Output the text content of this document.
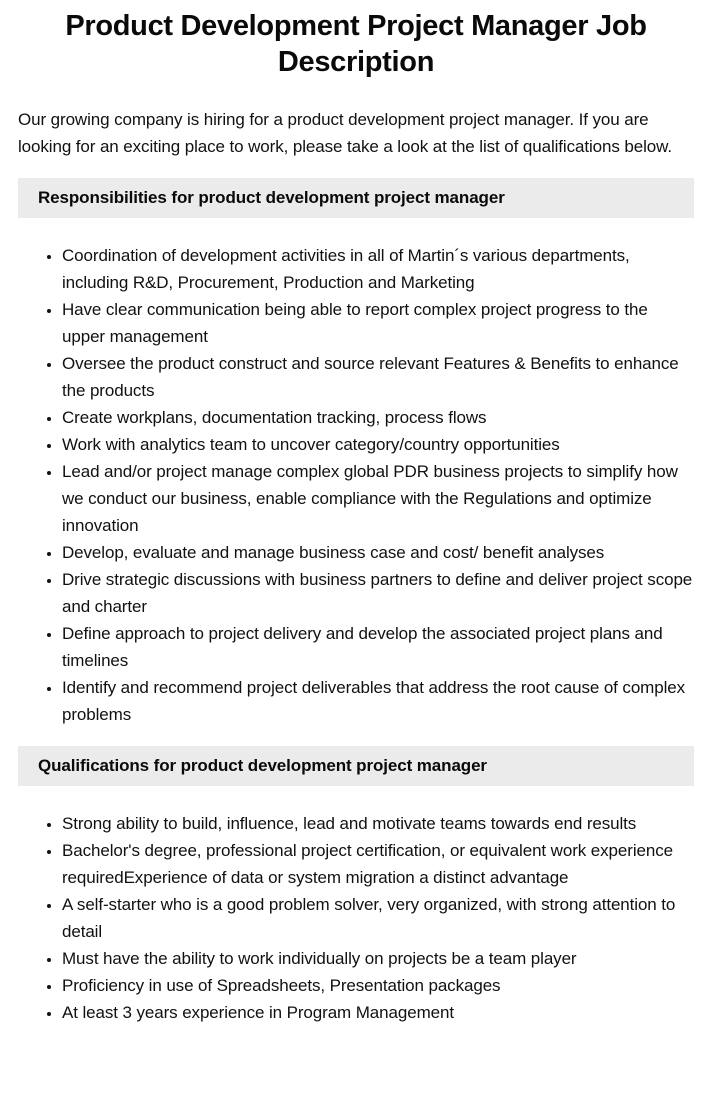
Product Development Project Manager Job Description

Our growing company is hiring for a product development project manager. If you are looking for an exciting place to work, please take a look at the list of qualifications below.

Responsibilities for product development project manager
• Coordination of development activities in all of Martin´s various departments, including R&D, Procurement, Production and Marketing
• Have clear communication being able to report complex project progress to the upper management
• Oversee the product construct and source relevant Features & Benefits to enhance the products
• Create workplans, documentation tracking, process flows
• Work with analytics team to uncover category/country opportunities
• Lead and/or project manage complex global PDR business projects to simplify how we conduct our business, enable compliance with the Regulations and optimize innovation
• Develop, evaluate and manage business case and cost/ benefit analyses
• Drive strategic discussions with business partners to define and deliver project scope and charter
• Define approach to project delivery and develop the associated project plans and timelines
• Identify and recommend project deliverables that address the root cause of complex problems
Qualifications for product development project manager
• Strong ability to build, influence, lead and motivate teams towards end results
• Bachelor's degree, professional project certification, or equivalent work experience requiredExperience of data or system migration a distinct advantage
• A self-starter who is a good problem solver, very organized, with strong attention to detail
• Must have the ability to work individually on projects be a team player
• Proficiency in use of Spreadsheets, Presentation packages
• At least 3 years experience in Program Management
